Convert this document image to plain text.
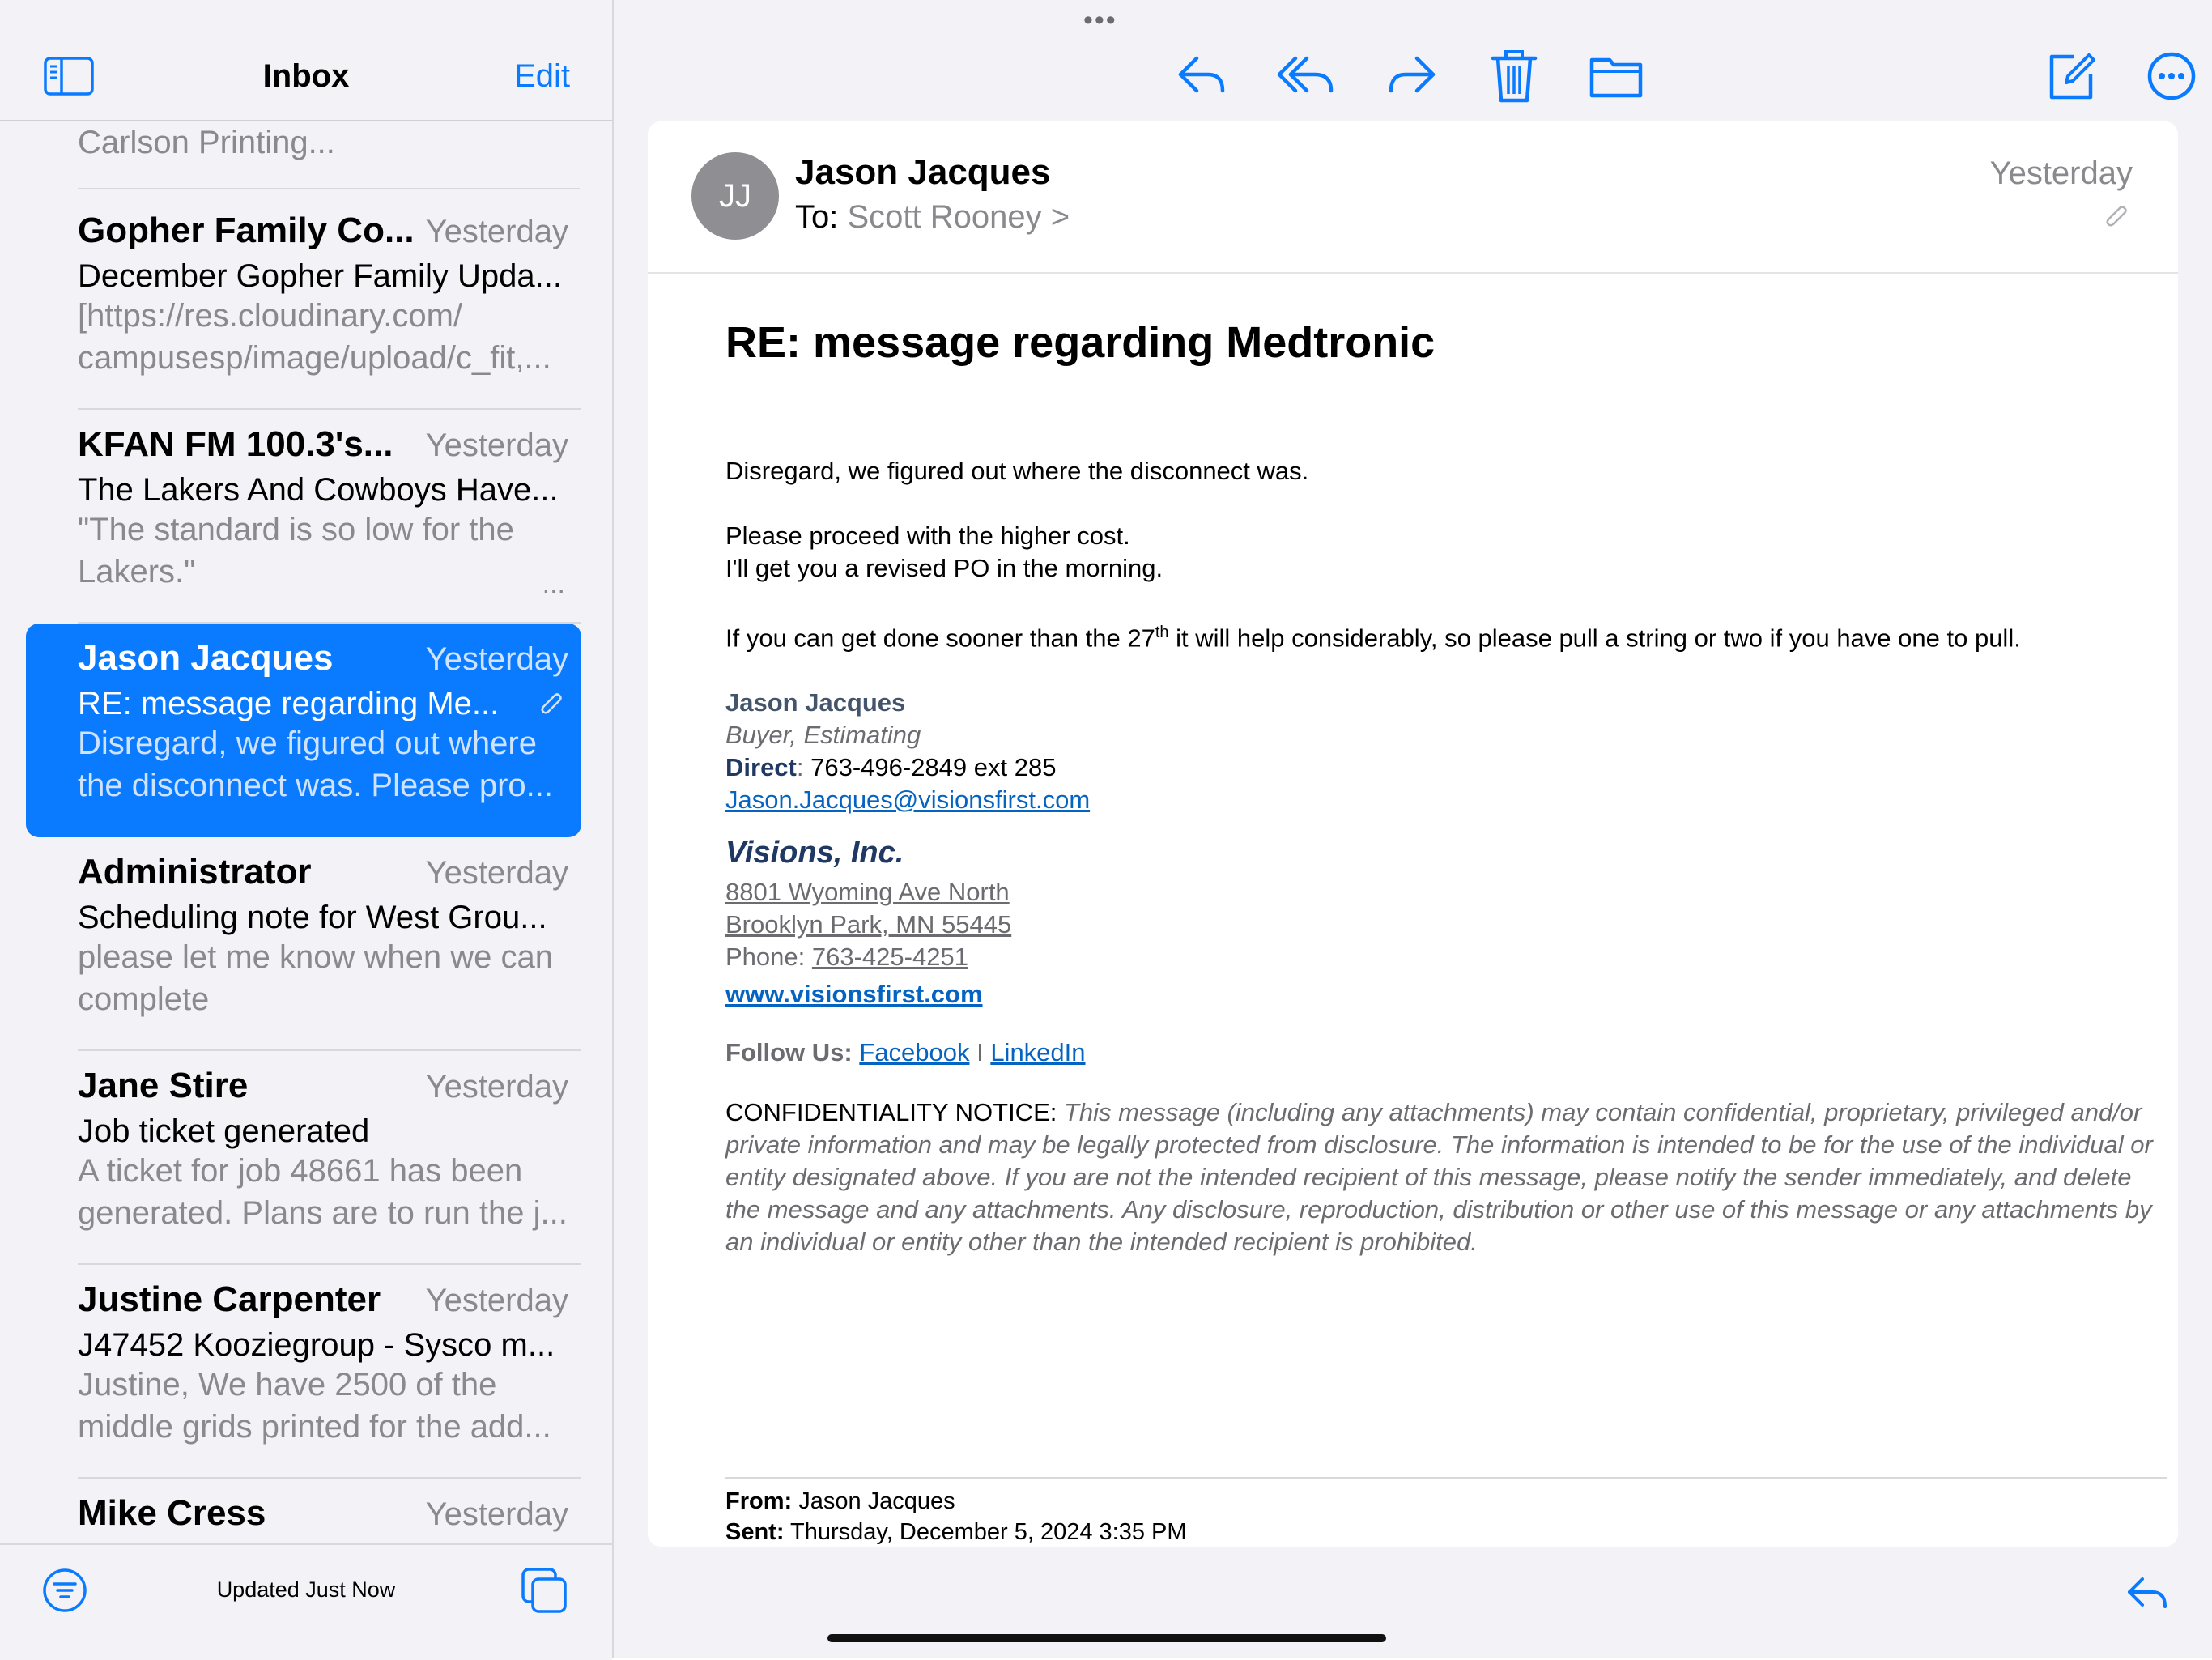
Inbox	Edit
Carlson Printing...
Gopher Family Co... Yesterday
December Gopher Family Upda...
[https://res.cloudinary.com/ campusesp/image/upload/c_fit,...
KFAN FM 100.3's... Yesterday
The Lakers And Cowboys Have...
"The standard is so low for the Lakers."	...
Jason Jacques	Yesterday
RE: message regarding Me...
Disregard, we figured out where the disconnect was. Please pro...
Administrator	Yesterday
Scheduling note for West Grou...
please let me know when we can complete
Jane Stire	Yesterday
Job ticket generated
A ticket for job 48661 has been generated. Plans are to run the j...
Justine Carpenter Yesterday
J47452 Kooziegroup - Sysco m...
Justine, We have 2500 of the middle grids printed for the add...
Mike Cress	Yesterday
Updated Just Now
•••
JJ
Jason Jacques
To: Scott Rooney >
Yesterday
RE: message regarding Medtronic
Disregard, we figured out where the disconnect was.
Please proceed with the higher cost.
I'll get you a revised PO in the morning.
If you can get done sooner than the 27th it will help considerably, so please pull a string or two if you have one to pull.
Jason Jacques
Buyer, Estimating
Direct: 763-496-2849 ext 285
Jason.Jacques@visionsfirst.com
Visions, Inc.
8801 Wyoming Ave North
Brooklyn Park, MN 55445
Phone: 763-425-4251
www.visionsfirst.com
Follow Us: Facebook I LinkedIn
CONFIDENTIALITY NOTICE: This message (including any attachments) may contain confidential, proprietary, privileged and/or private information and may be legally protected from disclosure. The information is intended to be for the use of the individual or entity designated above. If you are not the intended recipient of this message, please notify the sender immediately, and delete the message and any attachments. Any disclosure, reproduction, distribution or other use of this message or any attachments by an individual or entity other than the intended recipient is prohibited.
From: Jason Jacques
Sent: Thursday, December 5, 2024 3:35 PM
